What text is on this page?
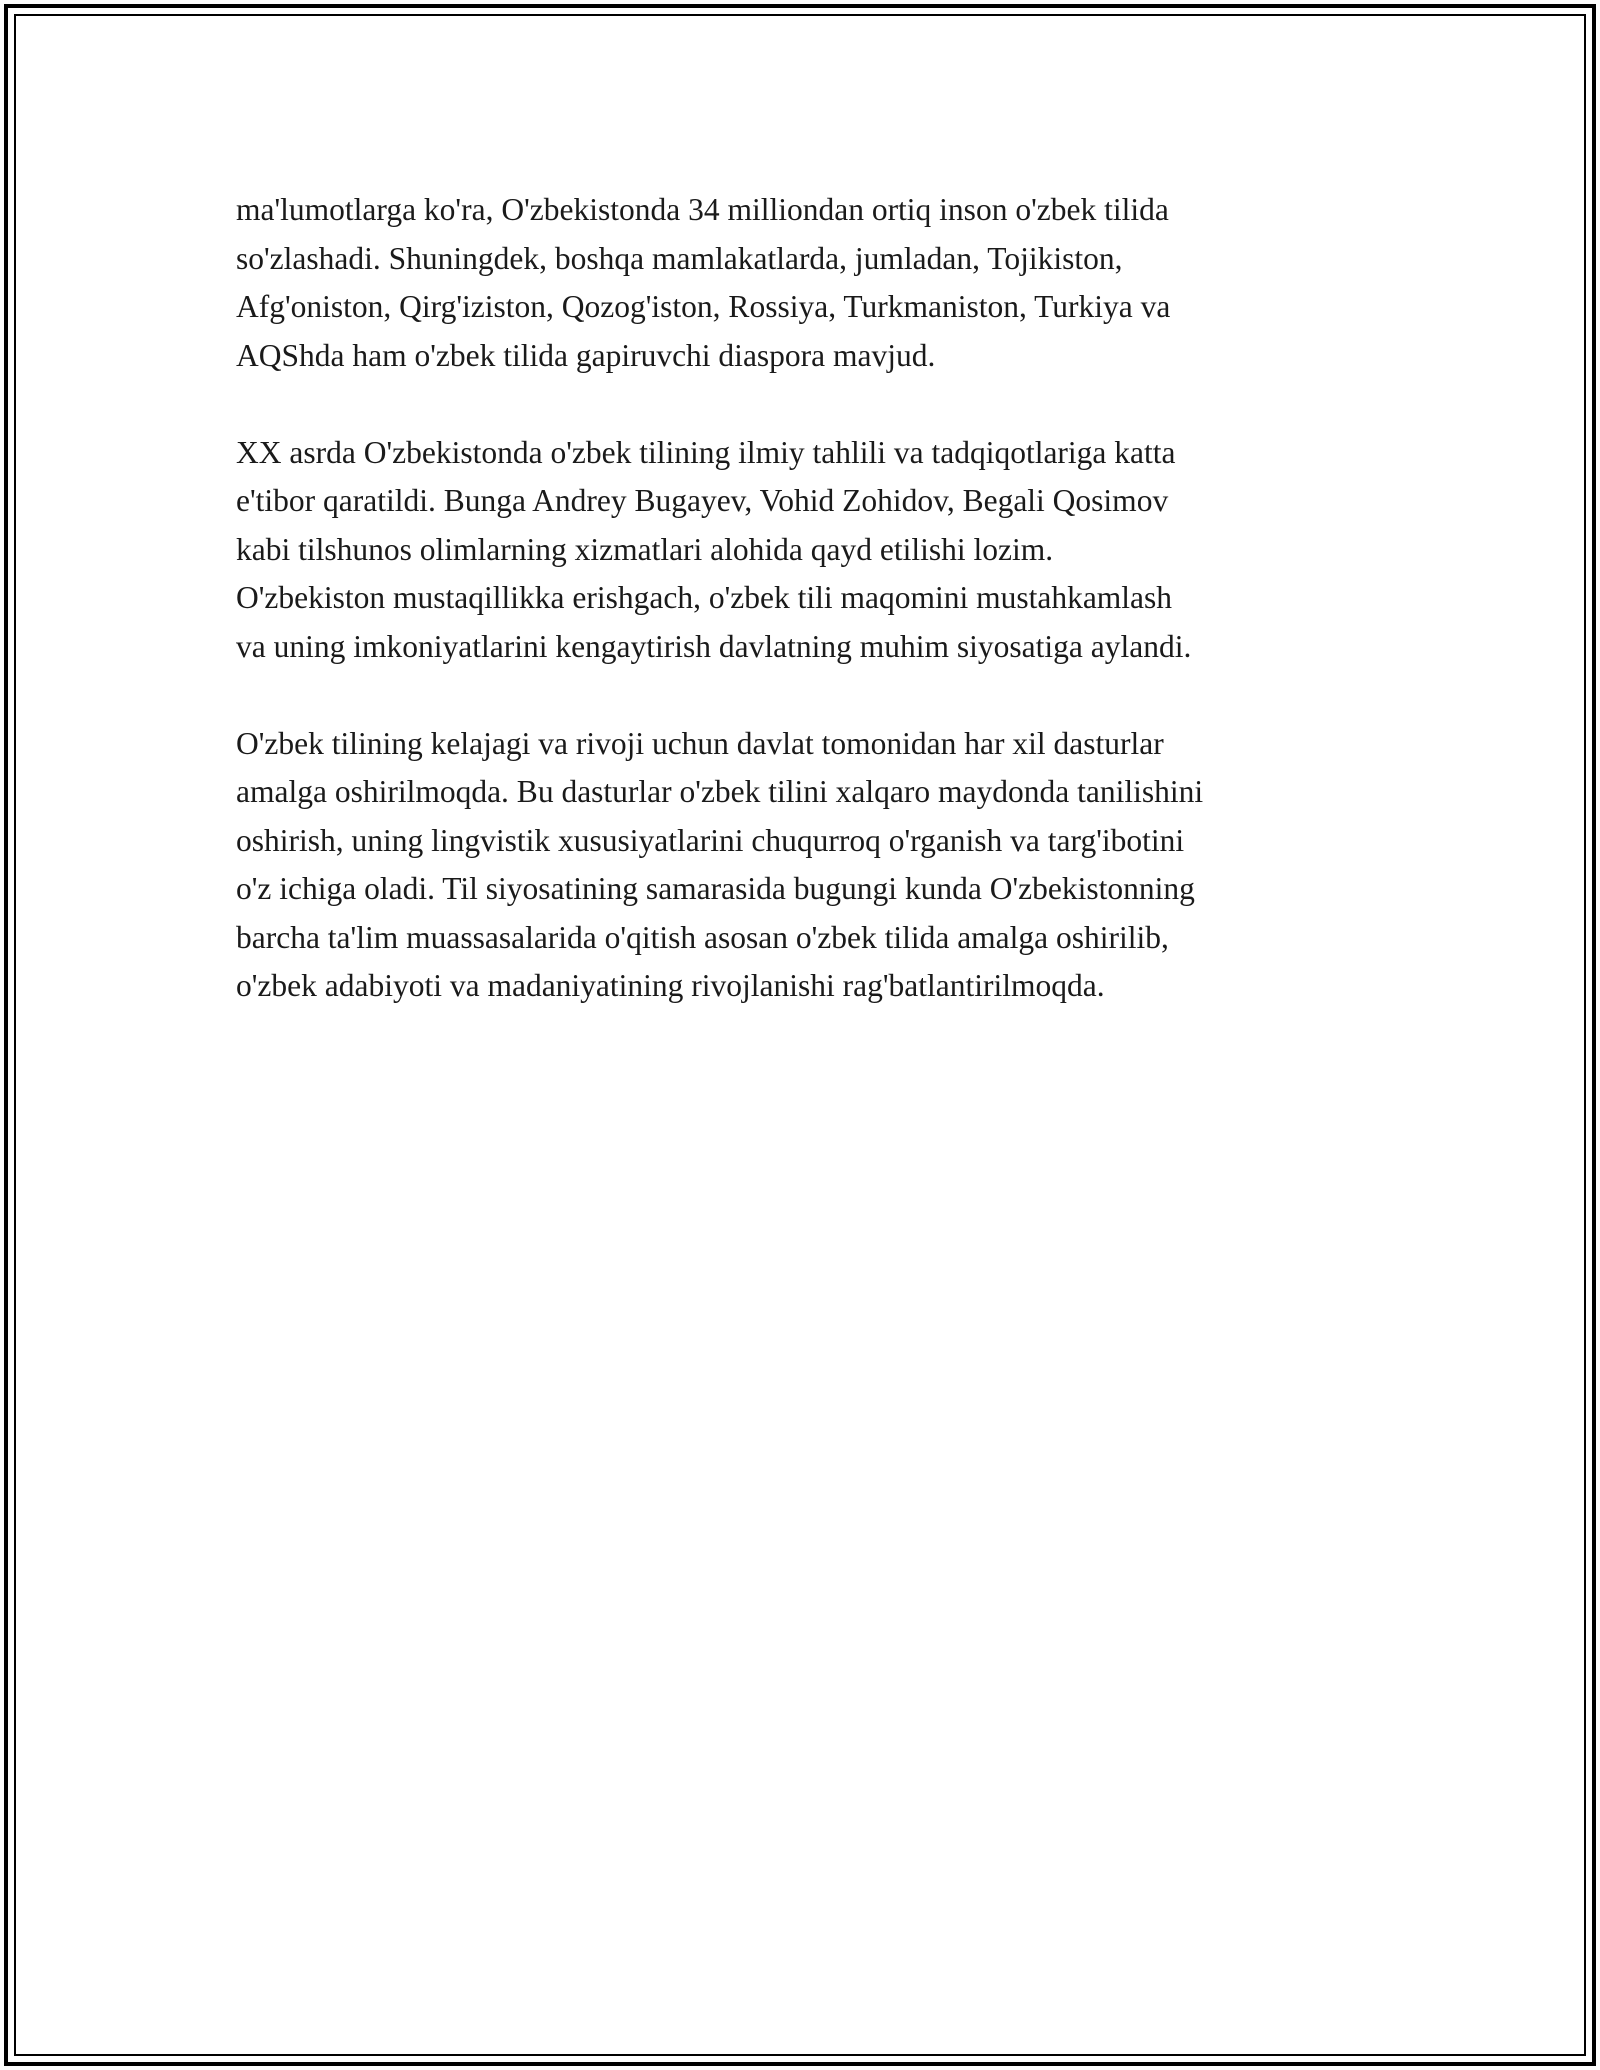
ma'lumotlarga ko'ra, O'zbekistonda 34 milliondan ortiq inson o'zbek tilida
so'zlashadi. Shuningdek, boshqa mamlakatlarda, jumladan, Tojikiston,
Afg'oniston, Qirg'iziston, Qozog'iston, Rossiya, Turkmaniston, Turkiya va
AQShda ham o'zbek tilida gapiruvchi diaspora mavjud.

XX asrda O'zbekistonda o'zbek tilining ilmiy tahlili va tadqiqotlariga katta
e'tibor qaratildi. Bunga Andrey Bugayev, Vohid Zohidov, Begali Qosimov
kabi tilshunos olimlarning xizmatlari alohida qayd etilishi lozim.
O'zbekiston mustaqillikka erishgach, o'zbek tili maqomini mustahkamlash
va uning imkoniyatlarini kengaytirish davlatning muhim siyosatiga aylandi.

O'zbek tilining kelajagi va rivoji uchun davlat tomonidan har xil dasturlar
amalga oshirilmoqda. Bu dasturlar o'zbek tilini xalqaro maydonda tanilishini
oshirish, uning lingvistik xususiyatlarini chuqurroq o'rganish va targ'ibotini
o'z ichiga oladi. Til siyosatining samarasida bugungi kunda O'zbekistonning
barcha ta'lim muassasalarida o'qitish asosan o'zbek tilida amalga oshirilib,
o'zbek adabiyoti va madaniyatining rivojlanishi rag'batlantirilmoqda.
